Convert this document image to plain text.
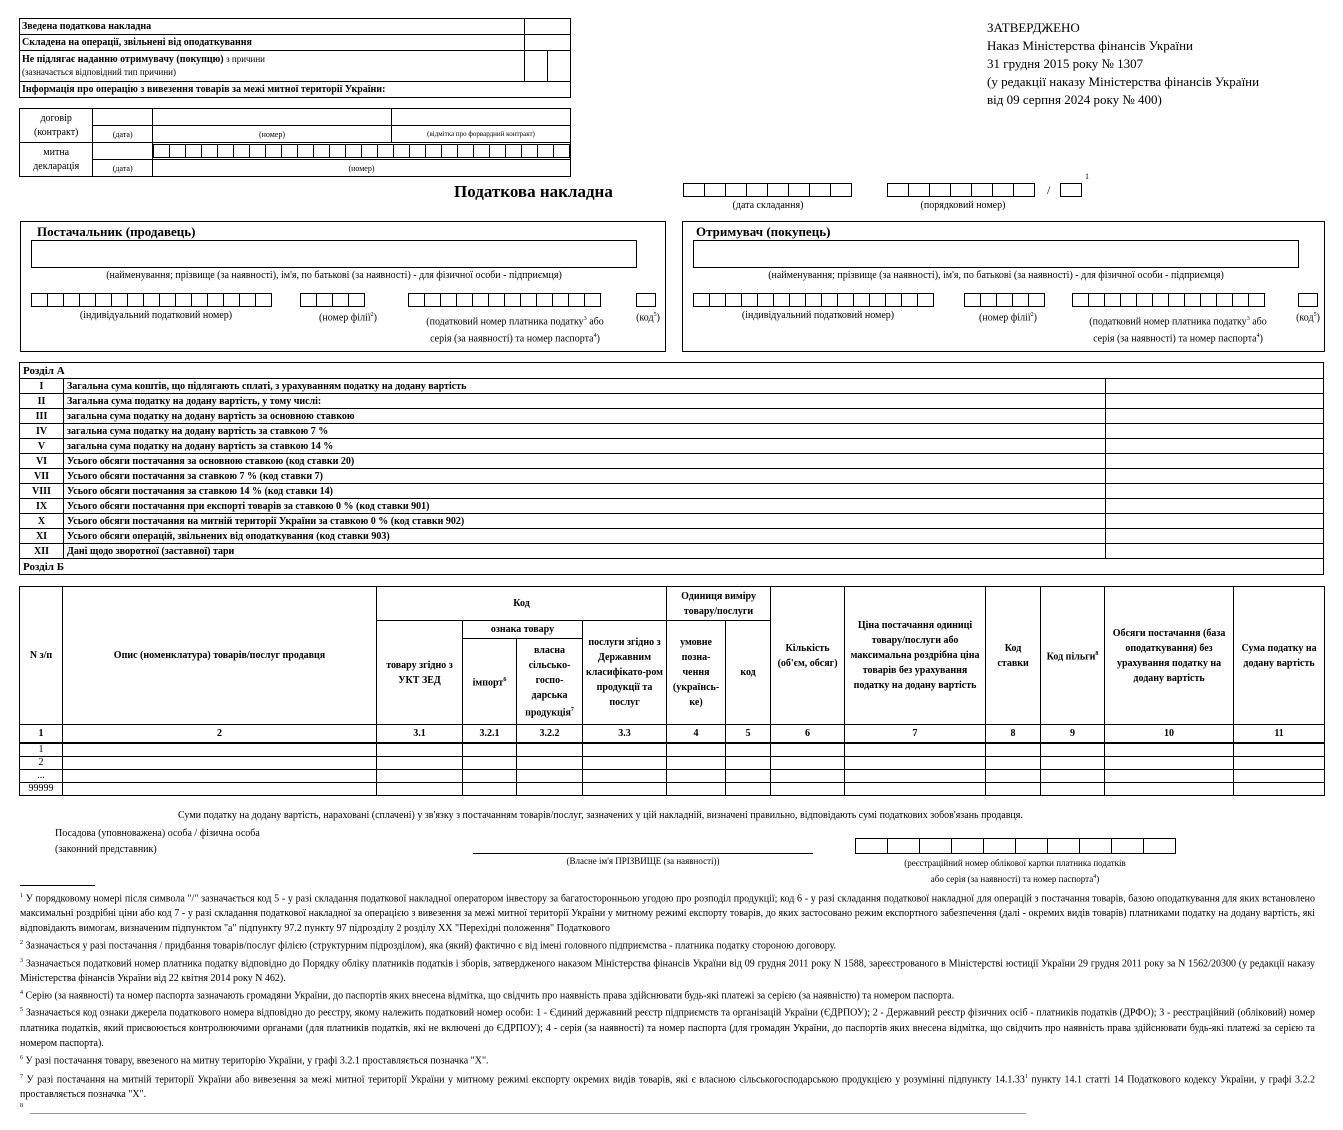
Зведена податкова накладна		
Складена на операції, звільнені від оподаткування		
Не підлягає наданню отримувачу (покупцю) з причини
(зазначається відповідний тип причини)		
Інформація про операцію з вивезення товарів за межі митної території України:		
договір
(контракт)			
	(дата)	(номер)	(відмітка про форвардний контракт)
митна
декларація			

	(дата)	(номер)	
ЗАТВЕРДЖЕНО
Наказ Міністерства фінансів України
31 грудня 2015 року № 1307
(у редакції наказу Міністерства фінансів України
від 09 серпня 2024 року № 400)
Податкова накладна
(дата складання)	(порядковий номер)
/
1
Постачальник (продавець)
(найменування; прізвище (за наявності), ім'я, по батькові (за наявності) - для фізичної особи - підприємця)
(індивідуальний податковий номер)	(номер філії$^2$)	(податковий номер платника податку$^3$ або
серія (за наявності) та номер паспорта$^4$)
(код$^5$)
Отримувач (покупець)
(найменування; прізвище (за наявності), ім'я, по батькові (за наявності) - для фізичної особи - підприємця)
(індивідуальний податковий номер)	(номер філії$^2$)	(податковий номер платника податку$^3$ або
серія (за наявності) та номер паспорта$^4$)
(код$^5$)
Розділ А		
I	Загальна сума коштів, що підлягають сплаті, з урахуванням податку на додану вартість	
II	Загальна сума податку на додану вартість, у тому числі:	
III	загальна сума податку на додану вартість за основною ставкою	
IV	загальна сума податку на додану вартість за ставкою 7 %	
V	загальна сума податку на додану вартість за ставкою 14 %	
VI	Усього обсяги постачання за основною ставкою (код ставки 20)	
VII	Усього обсяги постачання за ставкою 7 % (код ставки 7)	
VIII	Усього обсяги постачання за ставкою 14 % (код ставки 14)	
IX	Усього обсяги постачання при експорті товарів за ставкою 0 % (код ставки 901)	
X	Усього обсяги постачання на митній території України за ставкою 0 % (код ставки 902)	
XI	Усього обсяги операцій, звільнених від оподаткування (код ставки 903)	
XII	Дані щодо зворотної (заставної) тари	
Розділ Б		
N з/п	Опис (номенклатура) товарів/послуг продавця	Код				Одиниця виміру товару/послуги		Кількість (об'єм, обсяг)	Ціна постачання одиниці товару/послуги або максимальна роздрібна ціна товарів без урахування податку на додану вартість	Код ставки	Код пільги$^8$	Обсяги постачання (база оподаткування) без урахування податку на додану вартість	Сума податку на додану вартість
		товару згідно з УКТ ЗЕД	ознака товару		послуги згідно з Державним класифікато-ром продукції та послуг	умовне позна-чення (українсь-ке)	код						
			імпорт$^6$	власна сільсько-госпо-дарська продукція$^7$
1	2	3.1	3.2.1	3.2.2	3.3	4	5	6	7	8	9	10	11
1													
2													
...													
99999													
Суми податку на додану вартість, нараховані (сплачені) у зв'язку з постачанням товарів/послуг, зазначених у цій накладній, визначені правильно, відповідають сумі податкових зобов'язань продавця.
Посадова (уповноважена) особа / фізична особа
(законний представник)
(Власне ім'я ПРІЗВИЩЕ (за наявності))	(реєстраційний номер облікової картки платника податків
або серія (за наявності) та номер паспорта$^4$)
$^1$ У порядковому номері після символа "/" зазначається код 5 - у разі складання податкової накладної оператором інвестору за багатосторонньою угодою про розподіл продукції; код 6 - у разі складання податкової накладної для операцій з постачання товарів, базою оподаткування для яких встановлено максимальні роздрібні ціни або код 7 - у разі складання податкової накладної за операцією з вивезення за межі митної території України у митному режимі експорту товарів, до яких застосовано режим експортного забезпечення (далі - окремих видів товарів) платниками податку на додану вартість, які відповідають вимогам, визначеним підпунктом "а" підпункту 97.2 пункту 97 підрозділу 2 розділу XX "Перехідні положення" Податкового
$^2$ Зазначається у разі постачання / придбання товарів/послуг філією (структурним підрозділом), яка (який) фактично є від імені головного підприємства - платника податку стороною договору.
$^3$ Зазначається податковий номер платника податку відповідно до Порядку обліку платників податків і зборів, затвердженого наказом Міністерства фінансів України від 09 грудня 2011 року N 1588, зареєстрованого в Міністерстві юстиції України 29 грудня 2011 року за N 1562/20300 (у редакції наказу Міністерства фінансів України від 22 квітня 2014 року N 462).
$^4$ Серію (за наявності) та номер паспорта зазначають громадяни України, до паспортів яких внесена відмітка, що свідчить про наявність права здійснювати будь-які платежі за серією (за наявністю) та номером паспорта.
$^5$ Зазначається код ознаки джерела податкового номера відповідно до реєстру, якому належить податковий номер особи: 1 - Єдиний державний реєстр підприємств та організацій України (ЄДРПОУ); 2 - Державний реєстр фізичних осіб - платників податків (ДРФО); 3 - реєстраційний (обліковий) номер платника податків, який присвоюється контролюючими органами (для платників податків, які не включені до ЄДРПОУ); 4 - серія (за наявності) та номер паспорта (для громадян України, до паспортів яких внесена відмітка, що свідчить про наявність права здійснювати будь-які платежі за серією та номером паспорта).
$^6$ У разі постачання товару, ввезеного на митну територію України, у графі 3.2.1 проставляється позначка "Х".
$^7$ У разі постачання на митній території України або вивезення за межі митної території України у митному режимі експорту окремих видів товарів, які є власною сільськогосподарською продукцією у розумінні підпункту 14.1.33$^1$ пункту 14.1 статті 14 Податкового кодексу України, у графі 3.2.2 проставляється позначка "Х".
$^8$
